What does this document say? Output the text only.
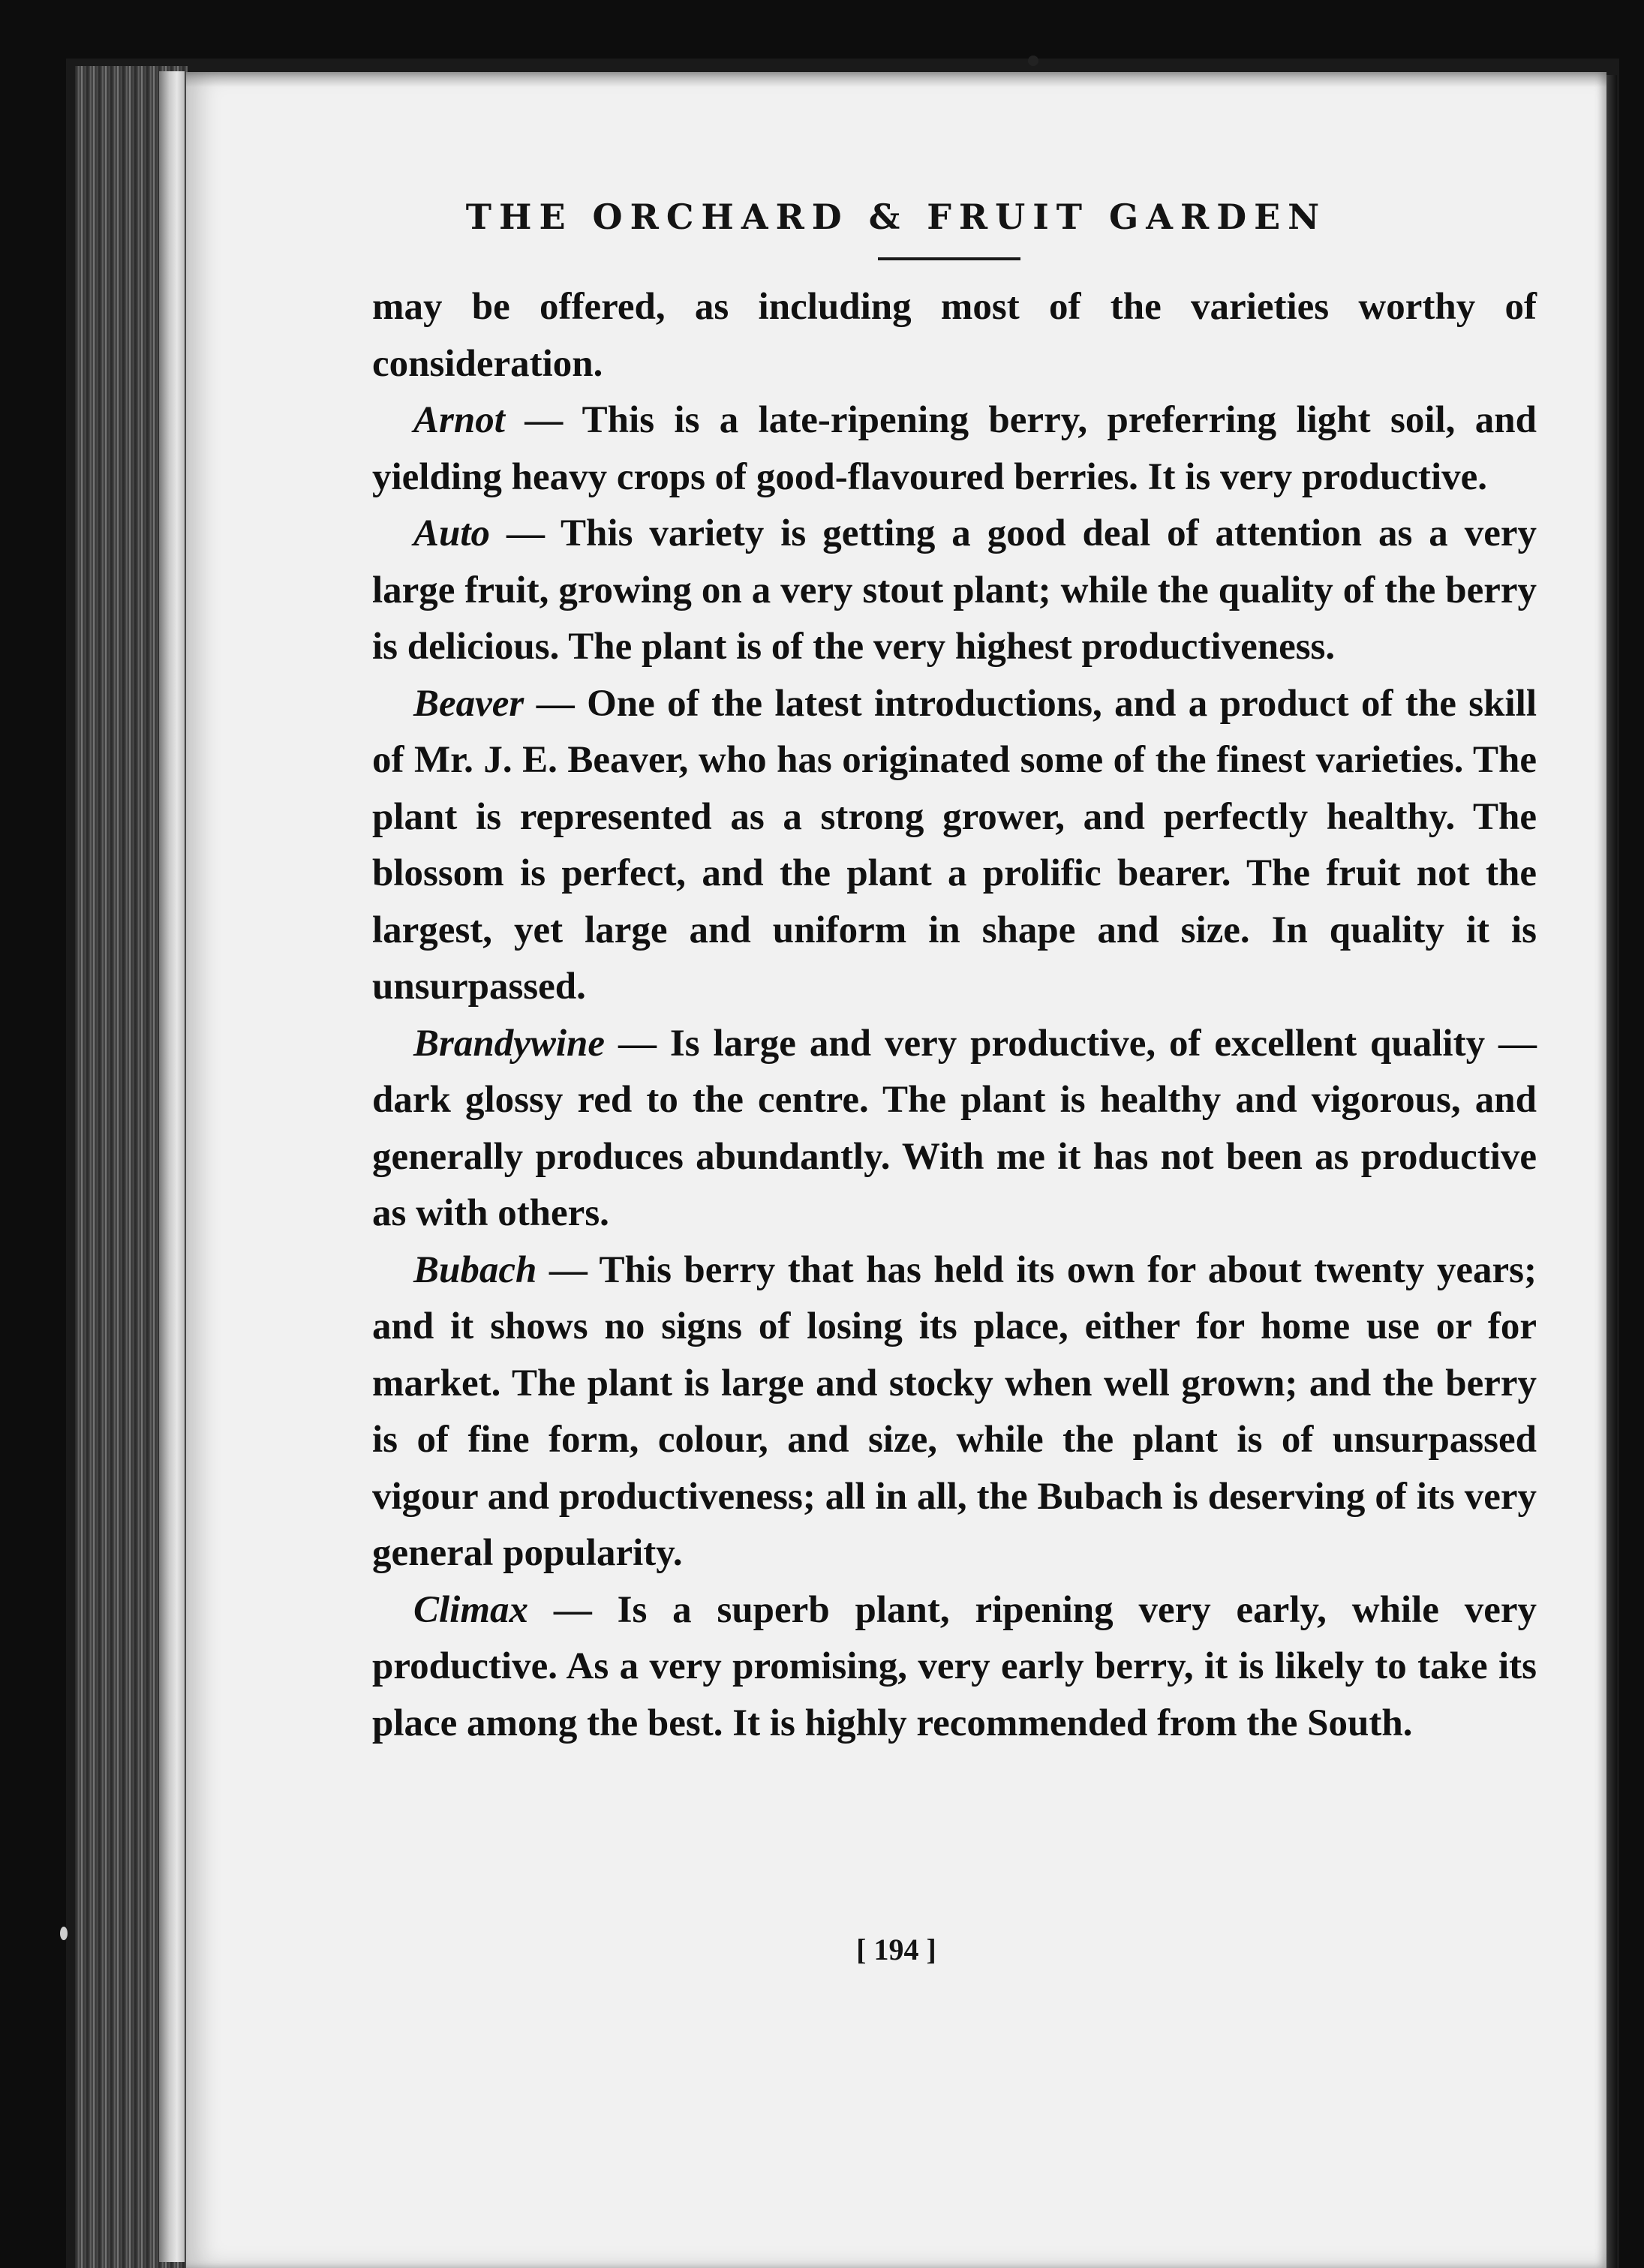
THE ORCHARD & FRUIT GARDEN

may be offered, as including most of the varieties worthy of consideration.

Arnot — This is a late-ripening berry, preferring light soil, and yielding heavy crops of good-flavoured berries. It is very productive.

Auto — This variety is getting a good deal of attention as a very large fruit, growing on a very stout plant; while the quality of the berry is delicious. The plant is of the very highest productiveness.

Beaver — One of the latest introductions, and a product of the skill of Mr. J. E. Beaver, who has originated some of the finest varieties. The plant is represented as a strong grower, and perfectly healthy. The blossom is perfect, and the plant a prolific bearer. The fruit not the largest, yet large and uniform in shape and size. In quality it is unsurpassed.

Brandywine — Is large and very productive, of excellent quality — dark glossy red to the centre. The plant is healthy and vigorous, and generally produces abundantly. With me it has not been as productive as with others.

Bubach — This berry that has held its own for about twenty years; and it shows no signs of losing its place, either for home use or for market. The plant is large and stocky when well grown; and the berry is of fine form, colour, and size, while the plant is of unsurpassed vigour and productiveness; all in all, the Bubach is deserving of its very general popularity.

Climax — Is a superb plant, ripening very early, while very productive. As a very promising, very early berry, it is likely to take its place among the best. It is highly recommended from the South.

[ 194 ]
